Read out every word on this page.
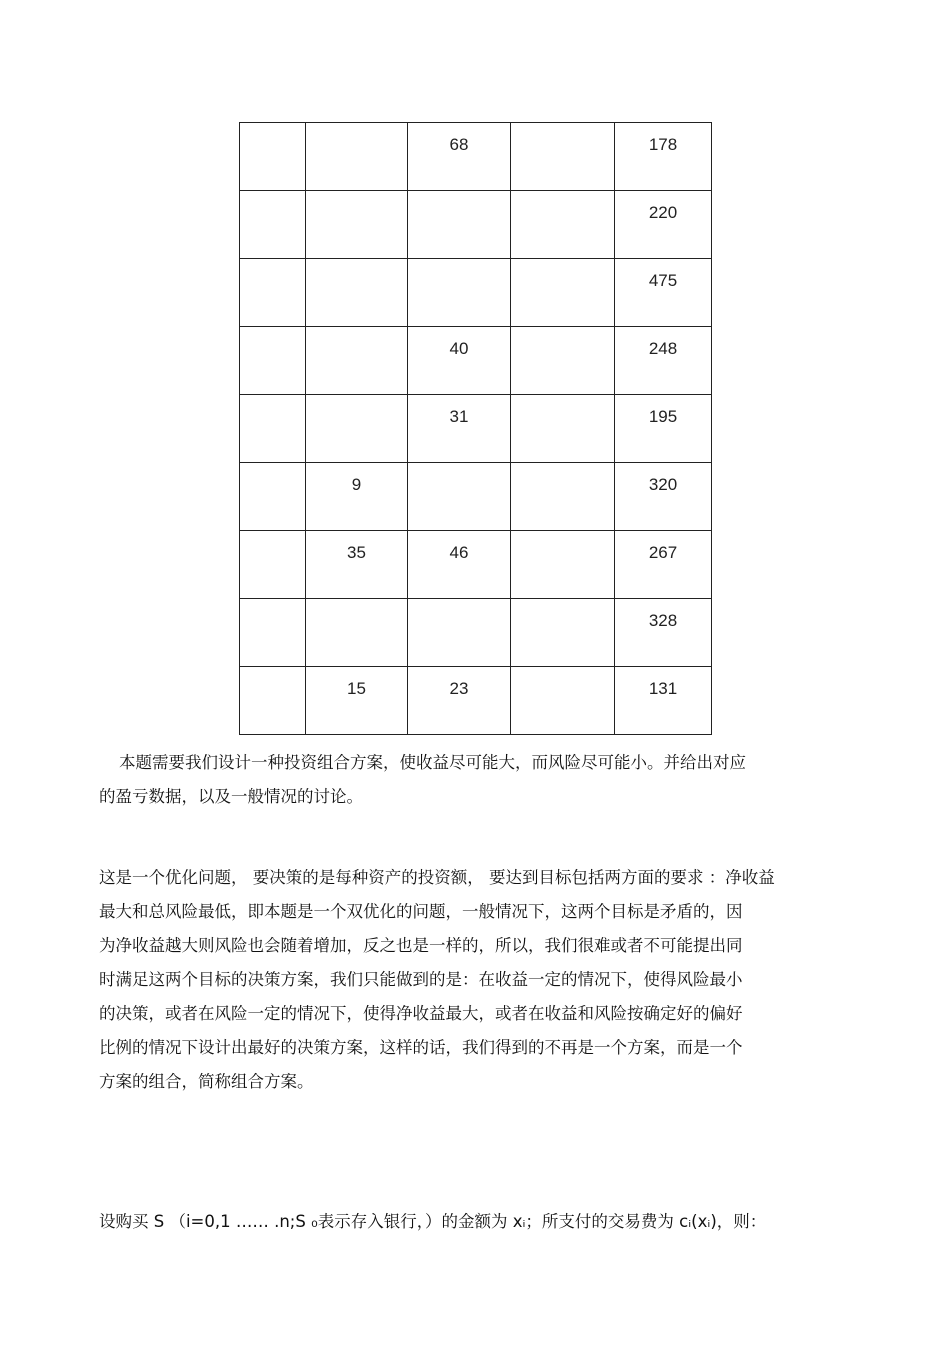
		68		178

				220

				475

		40		248

		31		195

	9			320

	35	46		267

				328

	15	23		131
本题需要我们设计一种投资组合方案，使收益尽可能大，而风险尽可能小。并给出对应
的盈亏数据，以及一般情况的讨论。
这是一个优化问题， 要决策的是每种资产的投资额， 要达到目标包括两方面的要求 ：净收益
最大和总风险最低，即本题是一个双优化的问题，一般情况下，这两个目标是矛盾的，因
为净收益越大则风险也会随着增加，反之也是一样的，所以，我们很难或者不可能提出同
时满足这两个目标的决策方案，我们只能做到的是：在收益一定的情况下，使得风险最小
的决策，或者在风险一定的情况下，使得净收益最大，或者在收益和风险按确定好的偏好
比例的情况下设计出最好的决策方案，这样的话，我们得到的不再是一个方案，而是一个
方案的组合，简称组合方案。
设购买 S （i=0,1 …… .n;S ₀表示存入银行，）的金额为 xᵢ；所支付的交易费为 cᵢ(xᵢ)，则：
